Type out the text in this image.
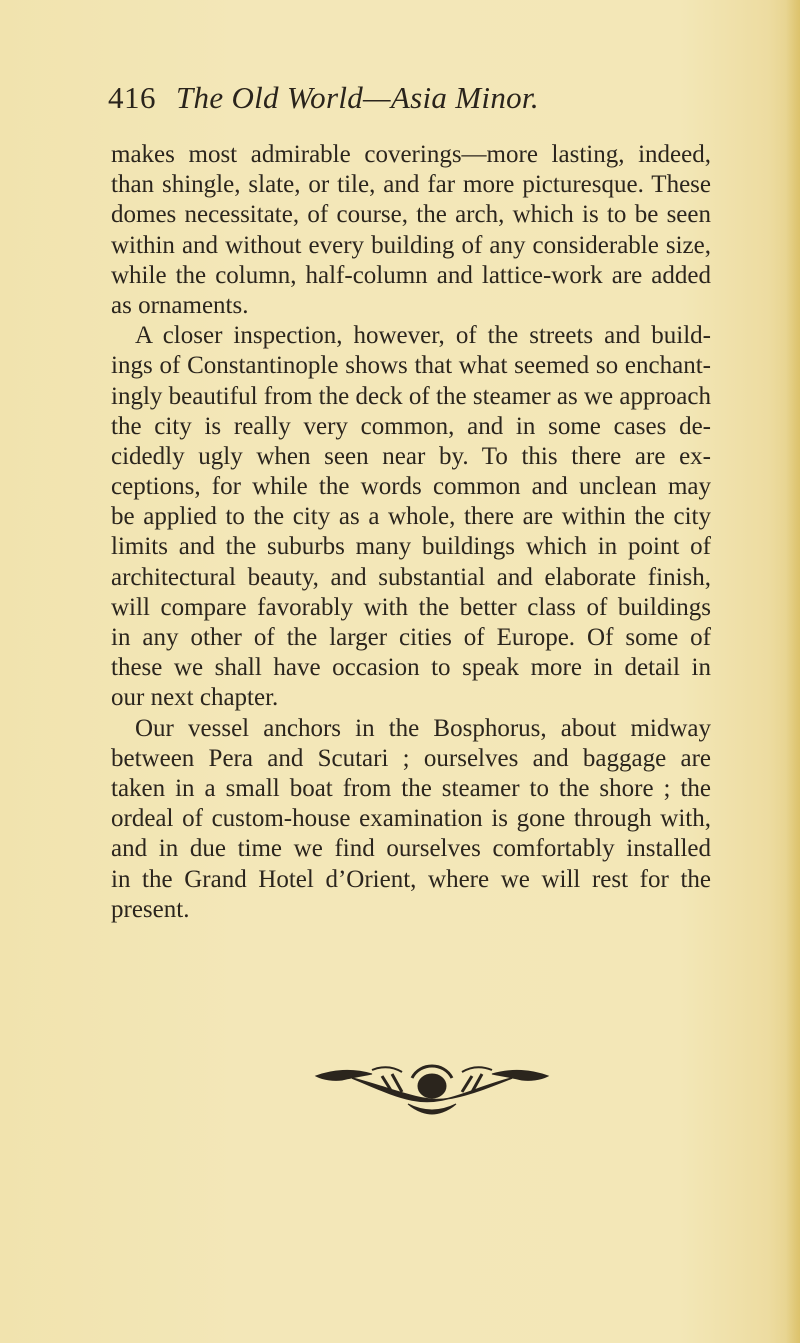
416 The Old World—Asia Minor.
makes most admirable coverings—more lasting, indeed,
than shingle, slate, or tile, and far more picturesque. These
domes necessitate, of course, the arch, which is to be seen
within and without every building of any considerable size,
while the column, half-column and lattice-work are added
as ornaments.
A closer inspection, however, of the streets and build-
ings of Constantinople shows that what seemed so enchant-
ingly beautiful from the deck of the steamer as we approach
the city is really very common, and in some cases de-
cidedly ugly when seen near by. To this there are ex-
ceptions, for while the words common and unclean may
be applied to the city as a whole, there are within the city
limits and the suburbs many buildings which in point of
architectural beauty, and substantial and elaborate finish,
will compare favorably with the better class of buildings
in any other of the larger cities of Europe. Of some of
these we shall have occasion to speak more in detail in
our next chapter.
Our vessel anchors in the Bosphorus, about midway
between Pera and Scutari ; ourselves and baggage are
taken in a small boat from the steamer to the shore ; the
ordeal of custom-house examination is gone through with,
and in due time we find ourselves comfortably installed
in the Grand Hotel d’Orient, where we will rest for the
present.
